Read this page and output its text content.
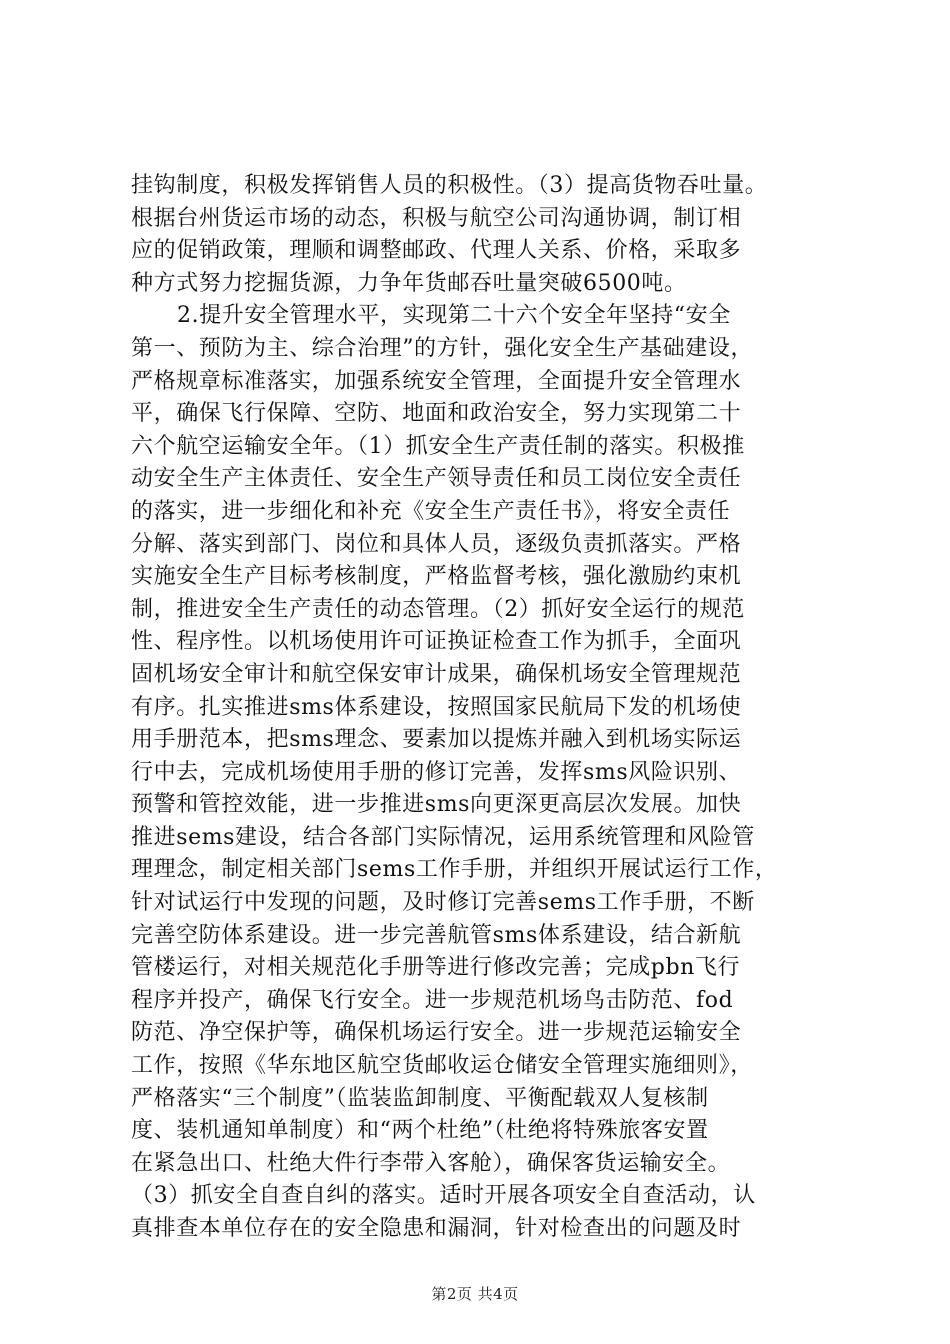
挂钩制度，积极发挥销售人员的积极性。（3）提高货物吞吐量。
根据台州货运市场的动态，积极与航空公司沟通协调，制订相
应的促销政策，理顺和调整邮政、代理人关系、价格，采取多
种方式努力挖掘货源，力争年货邮吞吐量突破6500吨。
2.提升安全管理水平，实现第二十六个安全年坚持“安全
第一、预防为主、综合治理”的方针，强化安全生产基础建设，
严格规章标准落实，加强系统安全管理，全面提升安全管理水
平，确保飞行保障、空防、地面和政治安全，努力实现第二十
六个航空运输安全年。（1）抓安全生产责任制的落实。积极推
动安全生产主体责任、安全生产领导责任和员工岗位安全责任
的落实，进一步细化和补充《安全生产责任书》，将安全责任
分解、落实到部门、岗位和具体人员，逐级负责抓落实。严格
实施安全生产目标考核制度，严格监督考核，强化激励约束机
制，推进安全生产责任的动态管理。（2）抓好安全运行的规范
性、程序性。以机场使用许可证换证检查工作为抓手，全面巩
固机场安全审计和航空保安审计成果，确保机场安全管理规范
有序。扎实推进sms体系建设，按照国家民航局下发的机场使
用手册范本，把sms理念、要素加以提炼并融入到机场实际运
行中去，完成机场使用手册的修订完善，发挥sms风险识别、
预警和管控效能，进一步推进sms向更深更高层次发展。加快
推进sems建设，结合各部门实际情况，运用系统管理和风险管
理理念，制定相关部门sems工作手册，并组织开展试运行工作，
针对试运行中发现的问题，及时修订完善sems工作手册，不断
完善空防体系建设。进一步完善航管sms体系建设，结合新航
管楼运行，对相关规范化手册等进行修改完善；完成pbn飞行
程序并投产，确保飞行安全。进一步规范机场鸟击防范、fod
防范、净空保护等，确保机场运行安全。进一步规范运输安全
工作，按照《华东地区航空货邮收运仓储安全管理实施细则》，
严格落实“三个制度”（监装监卸制度、平衡配载双人复核制
度、装机通知单制度）和“两个杜绝”（杜绝将特殊旅客安置
在紧急出口、杜绝大件行李带入客舱），确保客货运输安全。
（3）抓安全自查自纠的落实。适时开展各项安全自查活动，认
真排查本单位存在的安全隐患和漏洞，针对检查出的问题及时
第2页 共4页
